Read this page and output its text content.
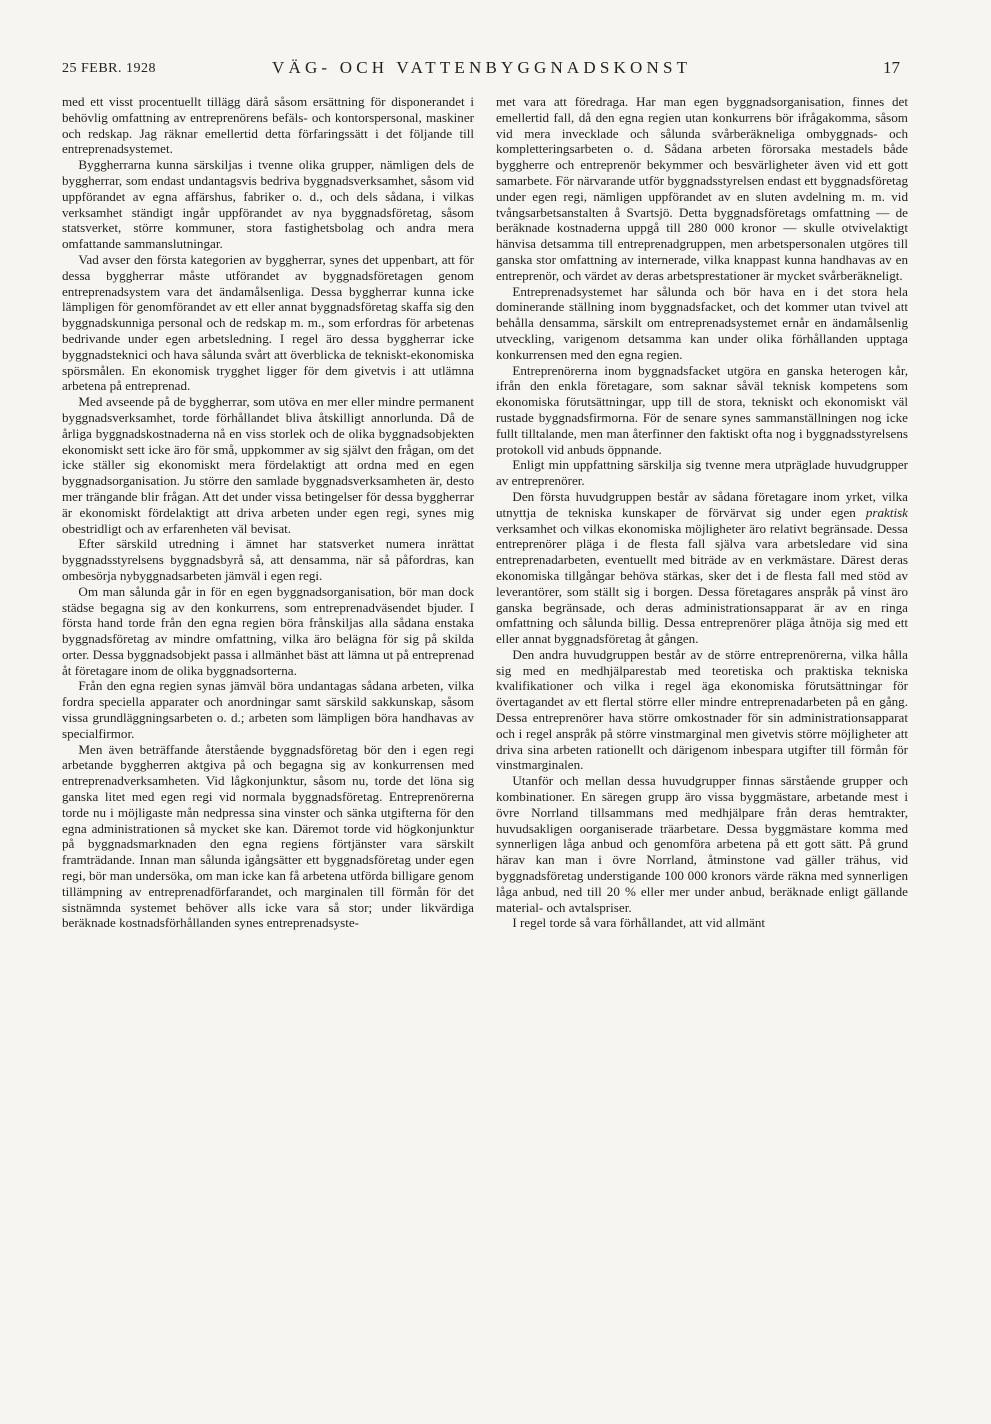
25 FEBR. 1928	VÄG- OCH VATTENBYGGNADSKONST	17

med ett visst procentuellt tillägg därå såsom ersättning för disponerandet i behövlig omfattning av entreprenörens befäls- och kontorspersonal, maskiner och redskap. Jag räknar emellertid detta förfaringssätt i det följande till entreprenadsystemet.

Byggherrarna kunna särskiljas i tvenne olika grupper, nämligen dels de byggherrar, som endast undantagsvis bedriva byggnadsverksamhet, såsom vid uppförandet av egna affärshus, fabriker o. d., och dels sådana, i vilkas verksamhet ständigt ingår uppförandet av nya byggnadsföretag, såsom statsverket, större kommuner, stora fastighetsbolag och andra mera omfattande sammanslutningar.

Vad avser den första kategorien av byggherrar, synes det uppenbart, att för dessa byggherrar måste utförandet av byggnadsföretagen genom entreprenadsystem vara det ändamålsenliga. Dessa byggherrar kunna icke lämpligen för genomförandet av ett eller annat byggnadsföretag skaffa sig den byggnadskunniga personal och de redskap m. m., som erfordras för arbetenas bedrivande under egen arbetsledning. I regel äro dessa byggherrar icke byggnadstekniсi och hava sålunda svårt att överblicka de tekniskt-ekonomiska spörsmålen. En ekonomisk trygghet ligger för dem givetvis i att utlämna arbetena på entreprenad.

Med avseende på de byggherrar, som utöva en mer eller mindre permanent byggnadsverksamhet, torde förhållandet bliva åtskilligt annorlunda. Då de årliga byggnadskostnaderna nå en viss storlek och de olika byggnadsobjekten ekonomiskt sett icke äro för små, uppkommer av sig självt den frågan, om det icke ställer sig ekonomiskt mera fördelaktigt att ordna med en egen byggnadsorganisation. Ju större den samlade byggnadsverksamheten är, desto mer trängande blir frågan. Att det under vissa betingelser för dessa byggherrar är ekonomiskt fördelaktigt att driva arbeten under egen regi, synes mig obestridligt och av erfarenheten väl bevisat.

Efter särskild utredning i ämnet har statsverket numera inrättat byggnadsstyrelsens byggnadsbyrå så, att densamma, när så påfordras, kan ombesörja nybyggnadsarbeten jämväl i egen regi.

Om man sålunda går in för en egen byggnadsorganisation, bör man dock städse begagna sig av den konkurrens, som entreprenadväsendet bjuder. I första hand torde från den egna regien böra frånskiljas alla sådana enstaka byggnadsföretag av mindre omfattning, vilka äro belägna för sig på skilda orter. Dessa byggnadsobjekt passa i allmänhet bäst att lämna ut på entreprenad åt företagare inom de olika byggnadsorterna.

Från den egna regien synas jämväl böra undantagas sådana arbeten, vilka fordra speciella apparater och anordningar samt särskild sakkunskap, såsom vissa grundläggningsarbeten o. d.; arbeten som lämpligen böra handhavas av specialfirmor.

Men även beträffande återstående byggnadsföretag bör den i egen regi arbetande byggherren aktgiva på och begagna sig av konkurrensen med entreprenadverksamheten. Vid lågkonjunktur, såsom nu, torde det löna sig ganska litet med egen regi vid normala byggnadsföretag. Entreprenörerna torde nu i möjligaste mån nedpressa sina vinster och sänka utgifterna för den egna administrationen så mycket ske kan. Däremot torde vid högkonjunktur på byggnadsmarknaden den egna regiens förtjänster vara särskilt framträdande. Innan man sålunda igångsätter ett byggnadsföretag under egen regi, bör man undersöka, om man icke kan få arbetena utförda billigare genom tillämpning av entreprenadförfarandet, och marginalen till förmån för det sistnämnda systemet behöver alls icke vara så stor; under likvärdiga beräknade kostnadsförhållanden synes entreprenadsyste-

met vara att föredraga. Har man egen byggnadsorganisation, finnes det emellertid fall, då den egna regien utan konkurrens bör ifrågakomma, såsom vid mera invecklade och sålunda svårberäkneliga ombyggnads- och kompletteringsarbeten o. d. Sådana arbeten förorsaka mestadels både byggherre och entreprenör bekymmer och besvärligheter även vid ett gott samarbete. För närvarande utför byggnadsstyrelsen endast ett byggnadsföretag under egen regi, nämligen uppförandet av en sluten avdelning m. m. vid tvångsarbetsanstalten å Svartsjö. Detta byggnadsföretags omfattning — de beräknade kostnaderna uppgå till 280 000 kronor — skulle otvivelaktigt hänvisa detsamma till entreprenadgruppen, men arbetspersonalen utgöres till ganska stor omfattning av internerade, vilka knappast kunna handhavas av en entreprenör, och värdet av deras arbetsprestationer är mycket svårberäkneligt.

Entreprenadsystemet har sålunda och bör hava en i det stora hela dominerande ställning inom byggnadsfacket, och det kommer utan tvivel att behålla densamma, särskilt om entreprenadsystemet ernår en ändamålsenlig utveckling, varigenom detsamma kan under olika förhållanden upptaga konkurrensen med den egna regien.

Entreprenörerna inom byggnadsfacket utgöra en ganska heterogen kår, ifrån den enkla företagare, som saknar såväl teknisk kompetens som ekonomiska förutsättningar, upp till de stora, tekniskt och ekonomiskt väl rustade byggnadsfirmorna. För de senare synes sammanställningen nog icke fullt tilltalande, men man återfinner den faktiskt ofta nog i byggnadsstyrelsens protokoll vid anbuds öppnande.

Enligt min uppfattning särskilja sig tvenne mera utpräglade huvudgrupper av entreprenörer.

Den första huvudgruppen består av sådana företagare inom yrket, vilka utnyttja de tekniska kunskaper de förvärvat sig under egen praktisk verksamhet och vilkas ekonomiska möjligheter äro relativt begränsade. Dessa entreprenörer pläga i de flesta fall själva vara arbetsledare vid sina entreprenadarbeten, eventuellt med biträde av en verkmästare. Därest deras ekonomiska tillgångar behöva stärkas, sker det i de flesta fall med stöd av leverantörer, som ställt sig i borgen. Dessa företagares anspråk på vinst äro ganska begränsade, och deras administrationsapparat är av en ringa omfattning och sålunda billig. Dessa entreprenörer pläga åtnöja sig med ett eller annat byggnadsföretag åt gången.

Den andra huvudgruppen består av de större entreprenörerna, vilka hålla sig med en medhjälparestab med teoretiska och praktiska tekniska kvalifikationer och vilka i regel äga ekonomiska förutsättningar för övertagandet av ett flertal större eller mindre entreprenadarbeten på en gång. Dessa entreprenörer hava större omkostnader för sin administrationsapparat och i regel anspråk på större vinstmarginal men givetvis större möjligheter att driva sina arbeten rationellt och därigenom inbespara utgifter till förmån för vinstmarginalen.

Utanför och mellan dessa huvudgrupper finnas särstående grupper och kombinationer. En säregen grupp äro vissa byggmästare, arbetande mest i övre Norrland tillsammans med medhjälpare från deras hemtrakter, huvudsakligen oorganiserade träarbetare. Dessa byggmästare komma med synnerligen låga anbud och genomföra arbetena på ett gott sätt. På grund härav kan man i övre Norrland, åtminstone vad gäller trähus, vid byggnadsföretag understigande 100 000 kronors värde räkna med synnerligen låga anbud, ned till 20 % eller mer under anbud, beräknade enligt gällande material- och avtalspriser.

I regel torde så vara förhållandet, att vid allmänt
